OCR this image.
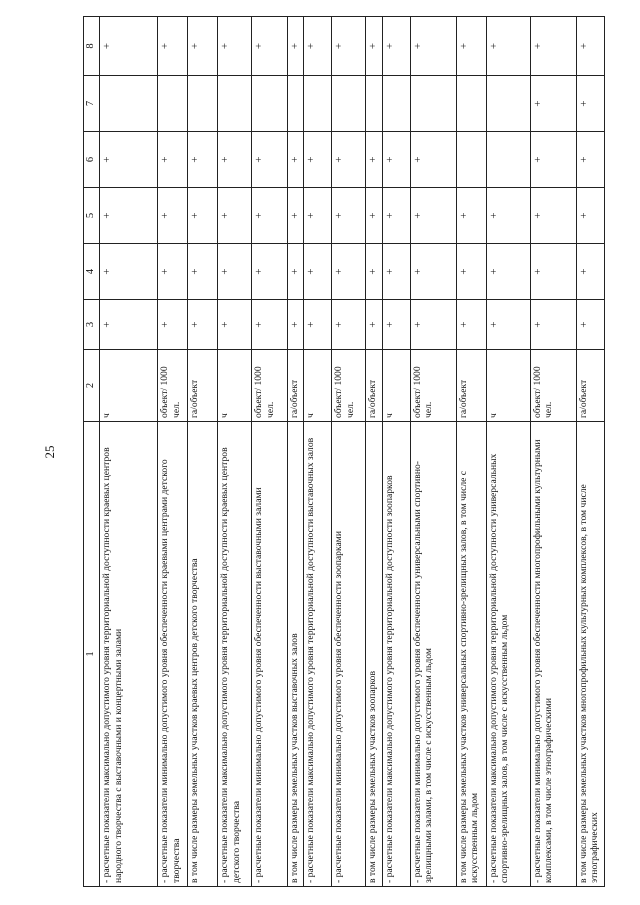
25
1	2	3	4	5	6	7	8
- расчетные показатели максимально допустимого уровня территориальной доступности краевых центров народного творчества с выставочными и концертными залами	ч	+	+	+	+		+
- расчетные показатели минимально допустимого уровня обеспеченности краевыми центрами детского творчества	объект/ 1000 чел.	+	+	+	+		+
в том числе размеры земельных участков краевых центров детского творчества	га/объект	+	+	+	+		+
- расчетные показатели максимально допустимого уровня территориальной доступности краевых центров детского творчества	ч	+	+	+	+		+
- расчетные показатели минимально допустимого уровня обеспеченности выставочными залами	объект/ 1000 чел.	+	+	+	+		+
в том числе размеры земельных участков выставочных залов	га/объект	+	+	+	+		+
- расчетные показатели максимально допустимого уровня территориальной доступности выставочных залов	ч	+	+	+	+		+
- расчетные показатели минимально допустимого уровня обеспеченности зоопарками	объект/ 1000 чел.	+	+	+	+		+
в том числе размеры земельных участков зоопарков	га/объект	+	+	+	+		+
- расчетные показатели максимально допустимого уровня территориальной доступности зоопарков	ч	+	+	+	+		+
- расчетные показатели минимально допустимого уровня обеспеченности универсальными спортивно-зрелищными залами, в том числе с искусственным льдом	объект/ 1000 чел.	+	+	+	+		+
в том числе размеры земельных участков универсальных спортивно-зрелищных залов, в том числе с искусственным льдом	га/объект	+	+	+			+
- расчетные показатели максимально допустимого уровня территориальной доступности универсальных спортивно-зрелищных залов, в том числе с искусственным льдом	ч	+	+	+			+
- расчетные показатели минимально допустимого уровня обеспеченности многопрофильными культурными комплексами, в том числе этнографическими	объект/ 1000 чел.	+	+	+	+	+	+
в том числе размеры земельных участков многопрофильных культурных комплексов, в том числе этнографических	га/объект	+	+	+	+	+	+
